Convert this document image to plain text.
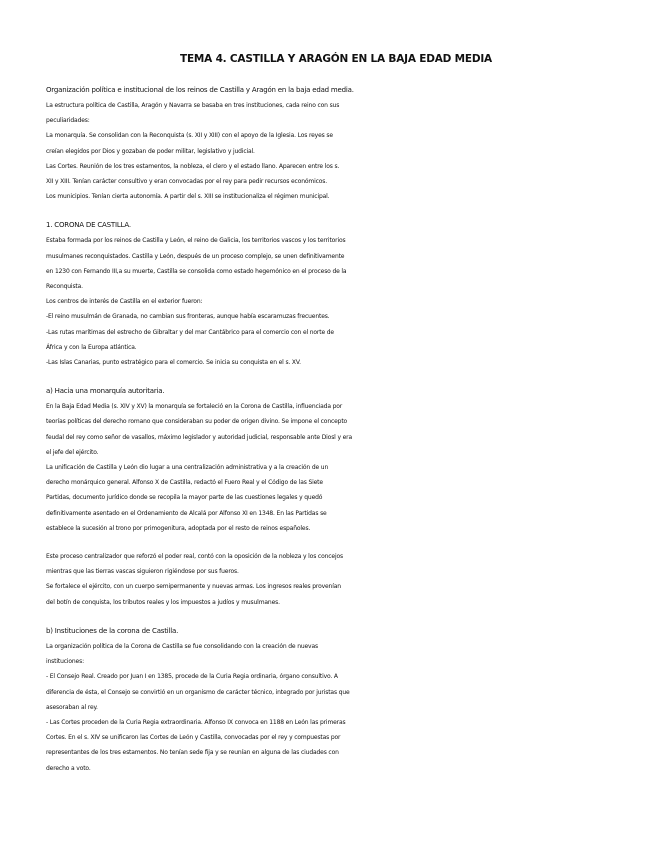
TEMA 4. CASTILLA Y ARAGÓN EN LA BAJA EDAD MEDIA
Organización política e institucional de los reinos de Castilla y Aragón en la baja edad media.
La estructura política de Castilla, Aragón y Navarra se basaba en tres instituciones, cada reino con sus
peculiaridades:
La monarquía. Se consolidan con la Reconquista (s. XII y XIII) con el apoyo de la Iglesia. Los reyes se
creían elegidos por Dios y gozaban de poder militar, legislativo y judicial.
Las Cortes. Reunión de los tres estamentos, la nobleza, el clero y el estado llano. Aparecen entre los s.
XII y XIII. Tenían carácter consultivo y eran convocadas por el rey para pedir recursos económicos.
Los municipios. Tenían cierta autonomía. A partir del s. XIII se institucionaliza el régimen municipal.
1. CORONA DE CASTILLA.
Estaba formada por los reinos de Castilla y León, el reino de Galicia, los territorios vascos y los territorios
musulmanes reconquistados. Castilla y León, después de un proceso complejo, se unen definitivamente
en 1230 con Fernando III,a su muerte, Castilla se consolida como estado hegemónico en el proceso de la
Reconquista.
Los centros de interés de Castilla en el exterior fueron:
-El reino musulmán de Granada, no cambian sus fronteras, aunque había escaramuzas frecuentes.
-Las rutas marítimas del estrecho de Gibraltar y del mar Cantábrico para el comercio con el norte de
África y con la Europa atlántica.
-Las Islas Canarias, punto estratégico para el comercio. Se inicia su conquista en el s. XV.
a) Hacia una monarquía autoritaria.
En la Baja Edad Media (s. XIV y XV) la monarquía se fortaleció en la Corona de Castilla, influenciada por
teorías políticas del derecho romano que consideraban su poder de origen divino. Se impone el concepto
feudal del rey como señor de vasallos, máximo legislador y autoridad judicial, responsable ante Diosl y era
el jefe del ejército.
La unificación de Castilla y León dio lugar a una centralización administrativa y a la creación de un
derecho monárquico general. Alfonso X de Castilla, redactó el Fuero Real y el Código de las Siete
Partidas, documento jurídico donde se recopila la mayor parte de las cuestiones legales y quedó
definitivamente asentado en el Ordenamiento de Alcalá por Alfonso XI en 1348. En las Partidas se
establece la sucesión al trono por primogenitura, adoptada por el resto de reinos españoles.
Este proceso centralizador que reforzó el poder real, contó con la oposición de la nobleza y los concejos
mientras que las tierras vascas siguieron rigiéndose por sus fueros.
Se fortalece el ejército, con un cuerpo semipermanente y nuevas armas. Los ingresos reales provenían
del botín de conquista, los tributos reales y los impuestos a judíos y musulmanes.
b) Instituciones de la corona de Castilla.
La organización política de la Corona de Castilla se fue consolidando con la creación de nuevas
instituciones:
- El Consejo Real. Creado por Juan I en 1385, procede de la Curia Regia ordinaria, órgano consultivo. A
diferencia de ésta, el Consejo se convirtió en un organismo de carácter técnico, integrado por juristas que
asesoraban al rey.
- Las Cortes proceden de la Curia Regia extraordinaria. Alfonso IX convoca en 1188 en León las primeras
Cortes. En el s. XIV se unificaron las Cortes de León y Castilla, convocadas por el rey y compuestas por
representantes de los tres estamentos. No tenían sede fija y se reunían en alguna de las ciudades con
derecho a voto.
